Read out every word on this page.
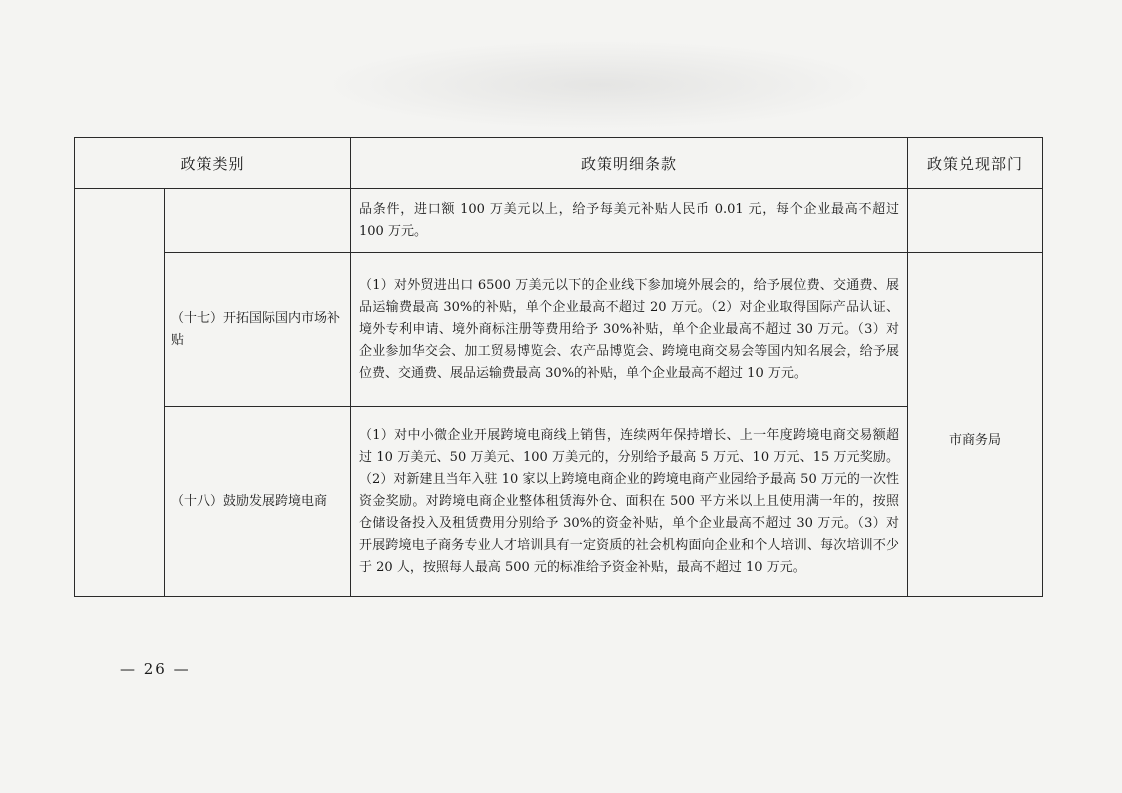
政策类别		政策明细条款	政策兑现部门
		品条件，进口额 100 万美元以上，给予每美元补贴人民币 0.01 元，每个企业最高不超过 100 万元。	
	（十七）开拓国际国内市场补贴	（1）对外贸进出口 6500 万美元以下的企业线下参加境外展会的，给予展位费、交通费、展品运输费最高 30%的补贴，单个企业最高不超过 20 万元。（2）对企业取得国际产品认证、境外专利申请、境外商标注册等费用给予 30%补贴，单个企业最高不超过 30 万元。（3）对企业参加华交会、加工贸易博览会、农产品博览会、跨境电商交易会等国内知名展会，给予展位费、交通费、展品运输费最高 30%的补贴，单个企业最高不超过 10 万元。	市商务局
	（十八）鼓励发展跨境电商	（1）对中小微企业开展跨境电商线上销售，连续两年保持增长、上一年度跨境电商交易额超过 10 万美元、50 万美元、100 万美元的，分别给予最高 5 万元、10 万元、15 万元奖励。（2）对新建且当年入驻 10 家以上跨境电商企业的跨境电商产业园给予最高 50 万元的一次性资金奖励。对跨境电商企业整体租赁海外仓、面积在 500 平方米以上且使用满一年的，按照仓储设备投入及租赁费用分别给予 30%的资金补贴，单个企业最高不超过 30 万元。（3）对开展跨境电子商务专业人才培训具有一定资质的社会机构面向企业和个人培训、每次培训不少于 20 人，按照每人最高 500 元的标准给予资金补贴，最高不超过 10 万元。	
— 26 —
